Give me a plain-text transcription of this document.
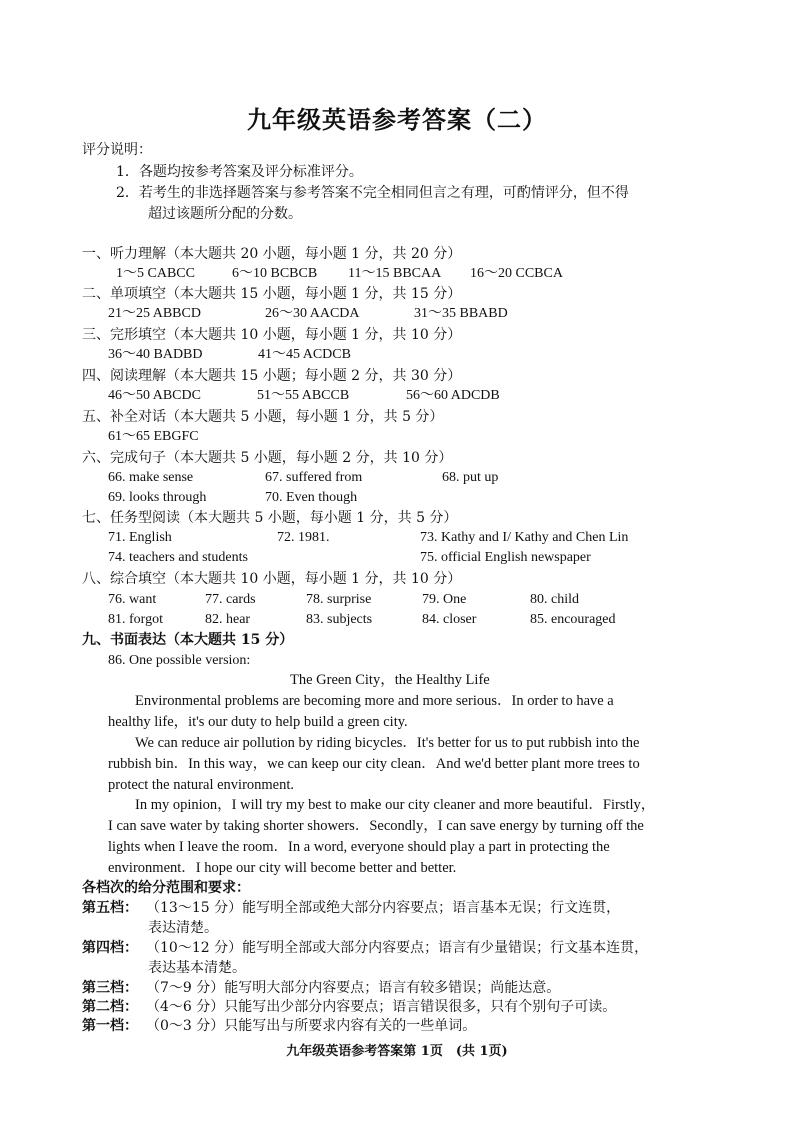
九年级英语参考答案（二）
评分说明：
1．各题均按参考答案及评分标准评分。
2．若考生的非选择题答案与参考答案不完全相同但言之有理，可酌情评分，但不得
超过该题所分配的分数。
一、听力理解（本大题共 20 小题，每小题 1 分，共 20 分）
1～5 CABCC	6～10 BCBCB 11～15 BBCAA 16～20 CCBCA
二、单项填空（本大题共 15 小题，每小题 1 分，共 15 分）
21～25 ABBCD	26～30 AACDA	31～35 BBABD
三、完形填空（本大题共 10 小题，每小题 1 分，共 10 分）
36～40 BADBD	41～45 ACDCB
四、阅读理解（本大题共 15 小题；每小题 2 分，共 30 分）
46～50 ABCDC	51～55 ABCCB	56～60 ADCDB
五、补全对话（本大题共 5 小题，每小题 1 分，共 5 分）
61～65 EBGFC
六、完成句子（本大题共 5 小题，每小题 2 分，共 10 分）
66. make sense	67. suffered from	68. put up
69. looks through	70. Even though
七、任务型阅读（本大题共 5 小题，每小题 1 分，共 5 分）
71. English	72. 1981.	73. Kathy and I/ Kathy and Chen Lin
74. teachers and students	75. official English newspaper
八、综合填空（本大题共 10 小题，每小题 1 分，共 10 分）
76. want	77. cards	78. surprise	79. One	80. child
81. forgot	82. hear	83. subjects	84. closer	85. encouraged
九、书面表达（本大题共 15 分）
86. One possible version:
The Green City，the Healthy Life
Environmental problems are becoming more and more serious．In order to have a
healthy life，it's our duty to help build a green city.
We can reduce air pollution by riding bicycles．It's better for us to put rubbish into the
rubbish bin．In this way，we can keep our city clean．And we'd better plant more trees to
protect the natural environment.
In my opinion，I will try my best to make our city cleaner and more beautiful．Firstly，
I can save water by taking shorter showers．Secondly，I can save energy by turning off the
lights when I leave the room．In a word, everyone should play a part in protecting the
environment．I hope our city will become better and better.
各档次的给分范围和要求：
第五档： （13～15 分）能写明全部或绝大部分内容要点；语言基本无误；行文连贯，
表达清楚。
第四档： （10～12 分）能写明全部或大部分内容要点；语言有少量错误；行文基本连贯，
表达基本清楚。
第三档： （7～9 分）能写明大部分内容要点；语言有较多错误；尚能达意。
第二档： （4～6 分）只能写出少部分内容要点；语言错误很多，只有个别句子可读。
第一档： （0～3 分）只能写出与所要求内容有关的一些单词。
九年级英语参考答案第 1页　(共 1页)
